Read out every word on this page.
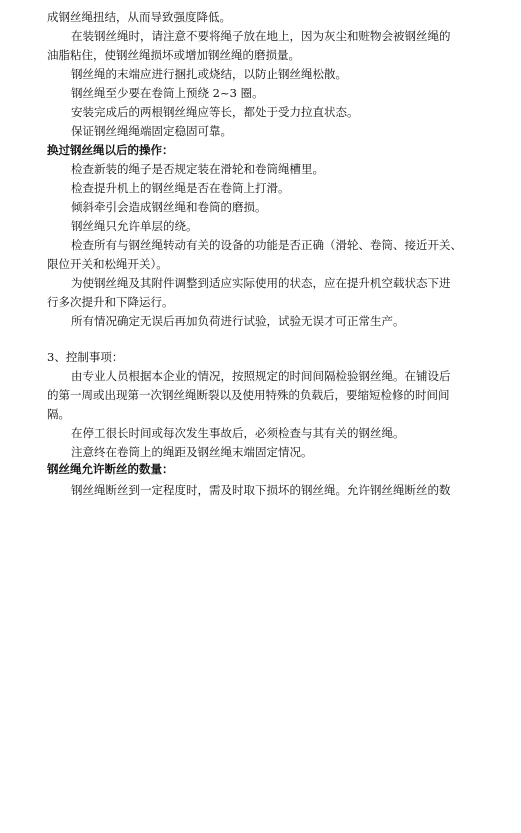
成钢丝绳扭结，从而导致强度降低。
在装钢丝绳时，请注意不要将绳子放在地上，因为灰尘和赃物会被钢丝绳的
油脂粘住，使钢丝绳损坏或增加钢丝绳的磨损量。
钢丝绳的末端应进行捆扎或烧结，以防止钢丝绳松散。
钢丝绳至少要在卷筒上预绕 2~3 圈。
安装完成后的两根钢丝绳应等长，都处于受力拉直状态。
保证钢丝绳绳端固定稳固可靠。
换过钢丝绳以后的操作：
检查新装的绳子是否规定装在滑轮和卷筒绳槽里。
检查提升机上的钢丝绳是否在卷筒上打滑。
倾斜牵引会造成钢丝绳和卷筒的磨损。
钢丝绳只允许单层的绕。
检查所有与钢丝绳转动有关的设备的功能是否正确（滑轮、卷筒、接近开关、
限位开关和松绳开关）。
为使钢丝绳及其附件调整到适应实际使用的状态，应在提升机空载状态下进
行多次提升和下降运行。
所有情况确定无误后再加负荷进行试验，试验无误才可正常生产。
3、控制事项：
由专业人员根据本企业的情况，按照规定的时间间隔检验钢丝绳。在铺设后
的第一周或出现第一次钢丝绳断裂以及使用特殊的负载后，要缩短检修的时间间
隔。
在停工很长时间或每次发生事故后，必须检查与其有关的钢丝绳。
注意终在卷筒上的绳距及钢丝绳末端固定情况。
钢丝绳允许断丝的数量：
钢丝绳断丝到一定程度时，需及时取下损坏的钢丝绳。允许钢丝绳断丝的数
